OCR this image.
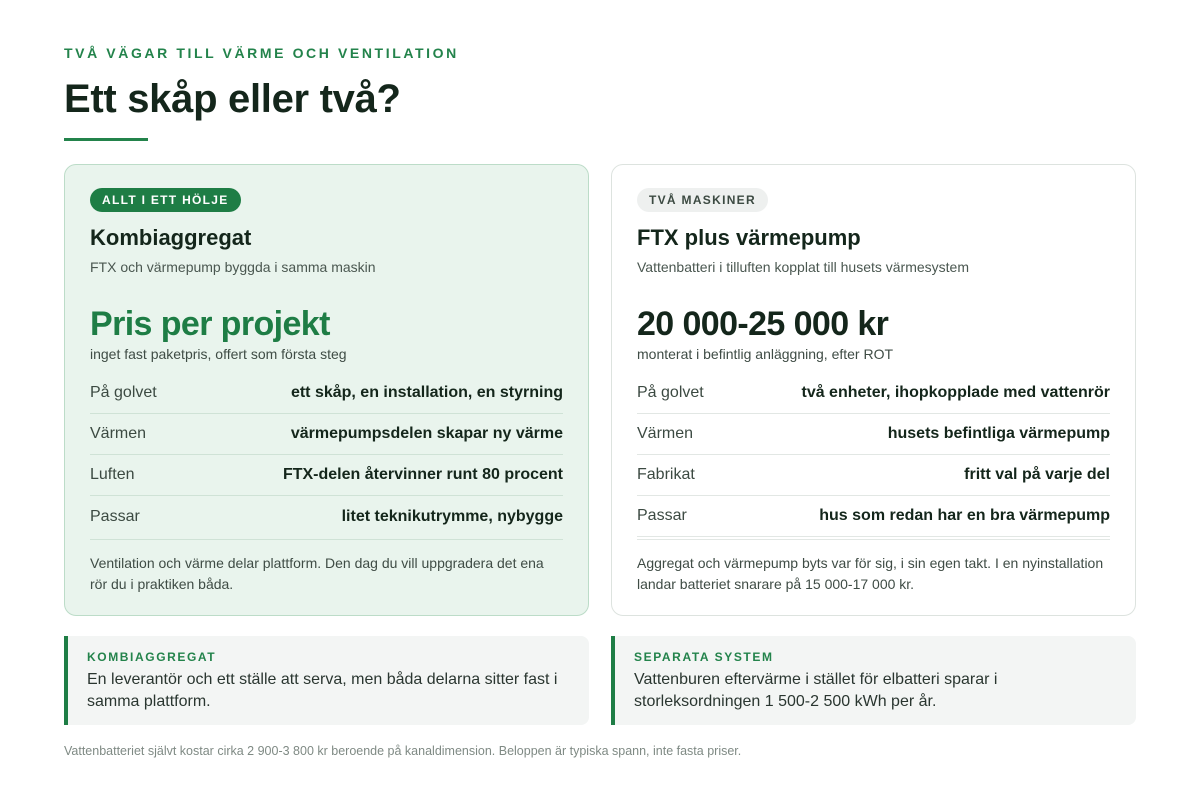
TVÅ VÄGAR TILL VÄRME OCH VENTILATION
Ett skåp eller två?
ALLT I ETT HÖLJE
Kombiaggregat

FTX och värmepump byggda i samma maskin

Pris per projekt
inget fast paketpris, offert som första steg
På golvet	ett skåp, en installation, en styrning
Värmen	värmepumpsdelen skapar ny värme
Luften	FTX-delen återvinner runt 80 procent
Passar	litet teknikutrymme, nybygge

Ventilation och värme delar plattform. Den dag du vill uppgradera det ena rör du i praktiken båda.

TVÅ MASKINER
FTX plus värmepump

Vattenbatteri i tilluften kopplat till husets värmesystem

20 000-25 000 kr
monterat i befintlig anläggning, efter ROT
På golvet	två enheter, ihopkopplade med vattenrör
Värmen	husets befintliga värmepump
Fabrikat	fritt val på varje del
Passar	hus som redan har en bra värmepump

Aggregat och värmepump byts var för sig, i sin egen takt. I en nyinstallation landar batteriet snarare på 15 000-17 000 kr.

KOMBIAGGREGAT

En leverantör och ett ställe att serva, men båda delarna sitter fast i samma plattform.

SEPARATA SYSTEM

Vattenburen eftervärme i stället för elbatteri sparar i storleksordningen 1 500-2 500 kWh per år.

Vattenbatteriet självt kostar cirka 2 900-3 800 kr beroende på kanaldimension. Beloppen är typiska spann, inte fasta priser.
